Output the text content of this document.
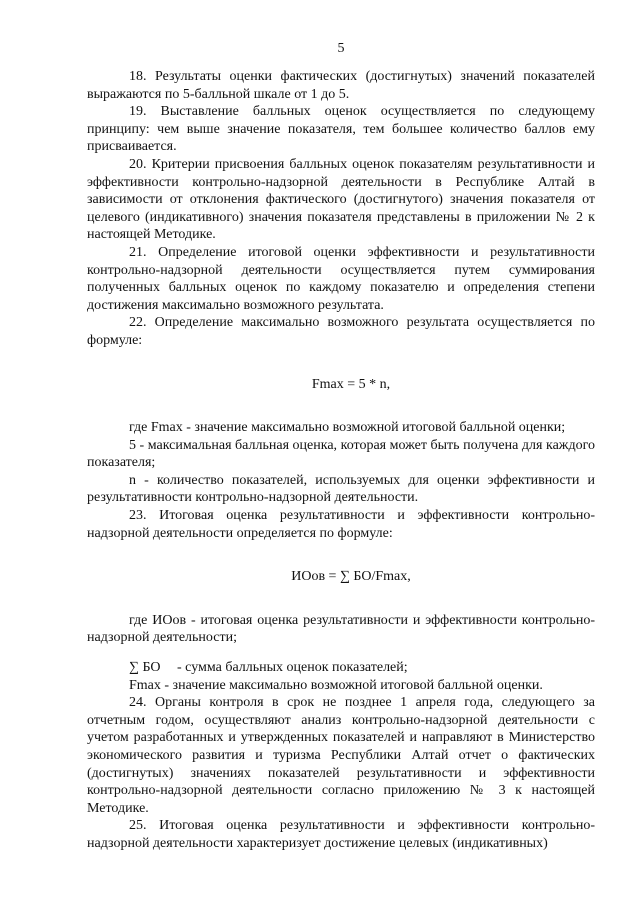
5

18. Результаты оценки фактических (достигнутых) значений показателей выражаются по 5-балльной шкале от 1 до 5.

19. Выставление балльных оценок осуществляется по следующему принципу: чем выше значение показателя, тем большее количество баллов ему присваивается.

20. Критерии присвоения балльных оценок показателям результативности и эффективности контрольно-надзорной деятельности в Республике Алтай в зависимости от отклонения фактического (достигнутого) значения показателя от целевого (индикативного) значения показателя представлены в приложении № 2 к настоящей Методике.

21. Определение итоговой оценки эффективности и результативности контрольно-надзорной деятельности осуществляется путем суммирования полученных балльных оценок по каждому показателю и определения степени достижения максимально возможного результата.

22. Определение максимально возможного результата осуществляется по формуле:

Fmax = 5 * n,

где Fmax - значение максимально возможной итоговой балльной оценки;

5 - максимальная балльная оценка, которая может быть получена для каждого показателя;

n - количество показателей, используемых для оценки эффективности и результативности контрольно-надзорной деятельности.

23. Итоговая оценка результативности и эффективности контрольно-надзорной деятельности определяется по формуле:

ИОов = ∑ БО/Fmax,

где ИОов - итоговая оценка результативности и эффективности контрольно-надзорной деятельности;

∑ БО - сумма балльных оценок показателей;

Fmax - значение максимально возможной итоговой балльной оценки.

24. Органы контроля в срок не позднее 1 апреля года, следующего за отчетным годом, осуществляют анализ контрольно-надзорной деятельности с учетом разработанных и утвержденных показателей и направляют в Министерство экономического развития и туризма Республики Алтай отчет о фактических (достигнутых) значениях показателей результативности и эффективности контрольно-надзорной деятельности согласно приложению № 3 к настоящей Методике.

25. Итоговая оценка результативности и эффективности контрольно-надзорной деятельности характеризует достижение целевых (индикативных)
